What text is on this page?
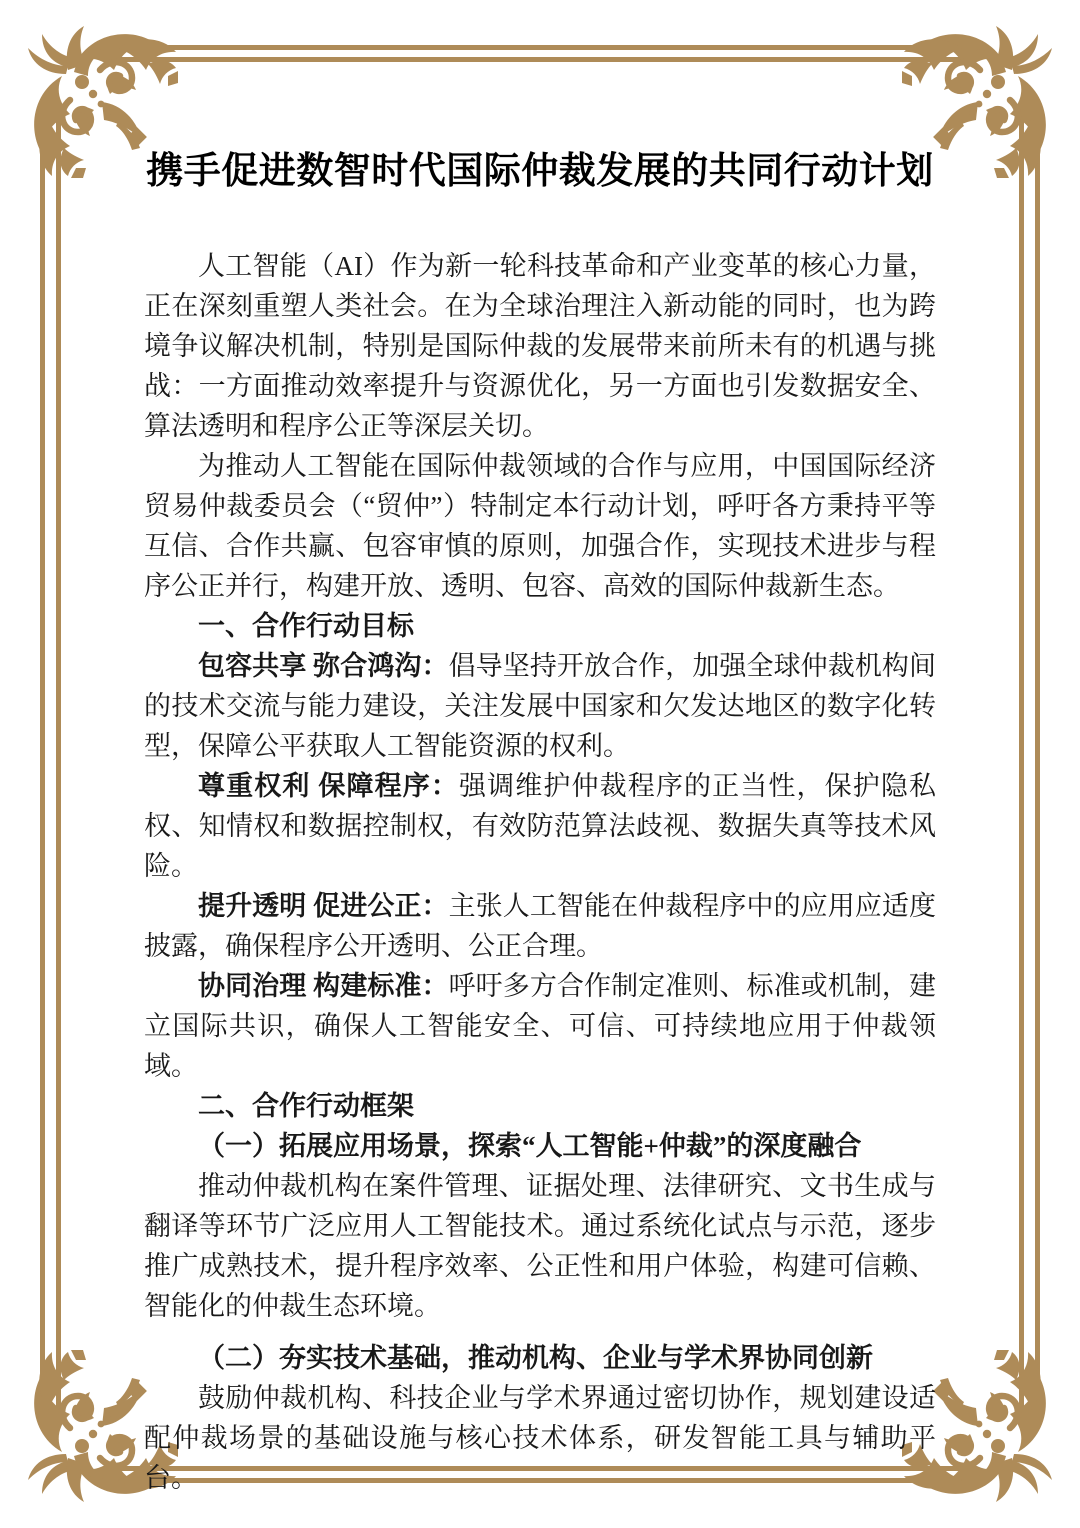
携手促进数智时代国际仲裁发展的共同行动计划

人工智能（AI）作为新一轮科技革命和产业变革的核心力量，正在深刻重塑人类社会。在为全球治理注入新动能的同时，也为跨境争议解决机制，特别是国际仲裁的发展带来前所未有的机遇与挑战：一方面推动效率提升与资源优化，另一方面也引发数据安全、算法透明和程序公正等深层关切。

为推动人工智能在国际仲裁领域的合作与应用，中国国际经济贸易仲裁委员会（“贸仲”）特制定本行动计划，呼吁各方秉持平等互信、合作共赢、包容审慎的原则，加强合作，实现技术进步与程序公正并行，构建开放、透明、包容、高效的国际仲裁新生态。

一、合作行动目标

包容共享 弥合鸿沟：倡导坚持开放合作，加强全球仲裁机构间的技术交流与能力建设，关注发展中国家和欠发达地区的数字化转型，保障公平获取人工智能资源的权利。

尊重权利 保障程序：强调维护仲裁程序的正当性，保护隐私权、知情权和数据控制权，有效防范算法歧视、数据失真等技术风险。

提升透明 促进公正：主张人工智能在仲裁程序中的应用应适度披露，确保程序公开透明、公正合理。

协同治理 构建标准：呼吁多方合作制定准则、标准或机制，建立国际共识，确保人工智能安全、可信、可持续地应用于仲裁领域。

二、合作行动框架

（一）拓展应用场景，探索“人工智能+仲裁”的深度融合

推动仲裁机构在案件管理、证据处理、法律研究、文书生成与翻译等环节广泛应用人工智能技术。通过系统化试点与示范，逐步推广成熟技术，提升程序效率、公正性和用户体验，构建可信赖、智能化的仲裁生态环境。

（二）夯实技术基础，推动机构、企业与学术界协同创新

鼓励仲裁机构、科技企业与学术界通过密切协作，规划建设适配仲裁场景的基础设施与核心技术体系，研发智能工具与辅助平台。
